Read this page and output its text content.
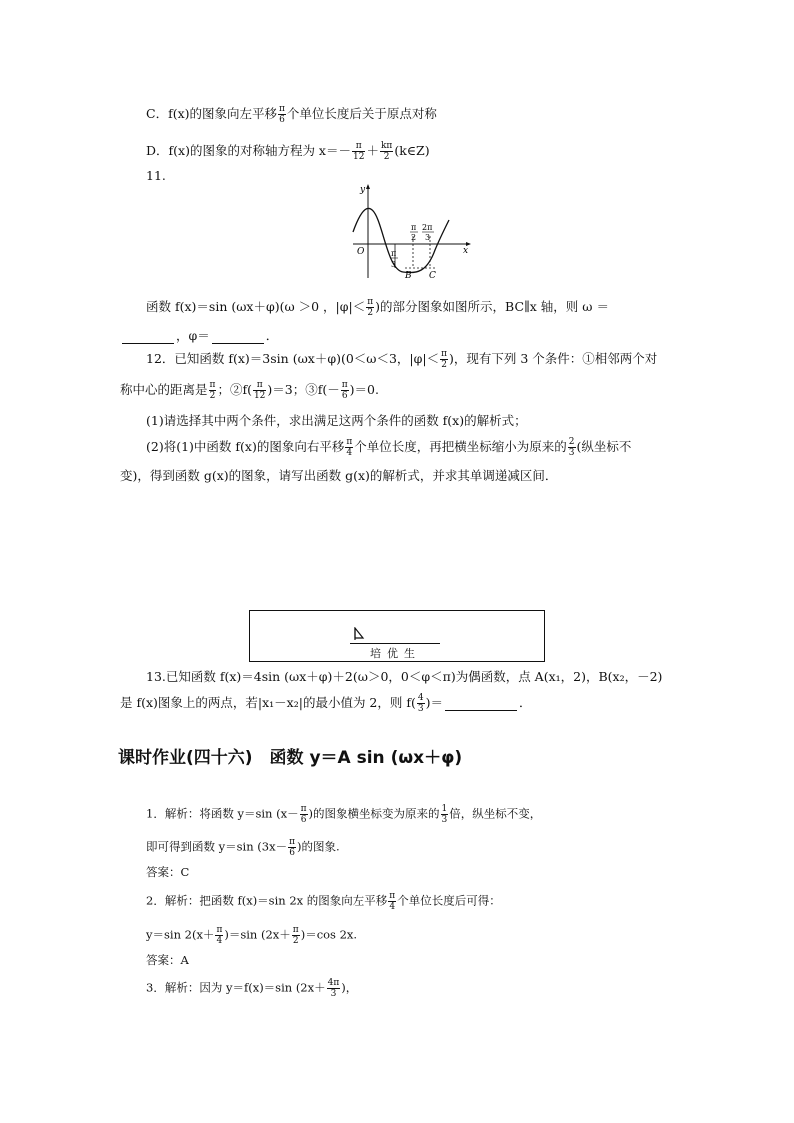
C．f(x)的图象向左平移 $\frac{\pi}{6}$ 个单位长度后关于原点对称
D．f(x)的图象的对称轴方程为 $x=- \frac{\pi}{12} + \frac{k\pi}{2}$ (k∈Z)
11.
y
x
O
π
2
2π
3
π
3
B C
函数 f(x)＝sin (ωx＋φ)(ω ＞0 ，$|\varphi|< \frac{\pi}{2}$ )的部分图象如图所示，BC∥x 轴，则 ω ＝
，φ＝	．
12．已知函数 f(x)＝3sin (ωx＋φ)(0＜ω＜3，$|\varphi|< \frac{\pi}{2}$ )，现有下列 3 个条件：①相邻两个对
称中心的距离是 $\frac{\pi}{2}$ ；②f( $\frac{\pi}{12} )=3$；③f(－ $\frac{\pi}{6} )=0$.
(1)请选择其中两个条件，求出满足这两个条件的函数 f(x)的解析式；
(2)将(1)中函数 f(x)的图象向右平移 $\frac{\pi}{4}$ 个单位长度，再把横坐标缩小为原来的 $\frac{2}{3}$ (纵坐标不
变)，得到函数 g(x)的图象，请写出函数 g(x)的解析式，并求其单调递减区间．
培优生
13.已知函数 f(x)＝4sin (ωx＋φ)＋2(ω＞0，0＜φ＜π)为偶函数，点 A(x₁，2)，B(x₂，－2)
是 f(x)图象上的两点，若|x₁－x₂|的最小值为 2，则 $f( \frac{4}{3}$ )＝	．
课时作业(四十六)　函数 y＝A sin (ωx＋φ)
1．解析：将函数 y＝sin ($x- \frac{\pi}{6}$ )的图象横坐标变为原来的 $\frac{1}{3}$ 倍，纵坐标不变，
即可得到函数 y＝sin ($3x- \frac{\pi}{6}$ )的图象.
答案：C
2．解析：把函数 f(x)＝sin 2x 的图象向左平移 $\frac{\pi}{4}$ 个单位长度后可得：
y＝sin $2(x+ \frac{\pi}{4} )=\sin$ $(2x+ \frac{\pi}{2} )=\cos$ 2x.
答案：A
3．解析：因为 y＝f(x)＝sin ($2x+ \frac{4\pi}{3}$ )，
